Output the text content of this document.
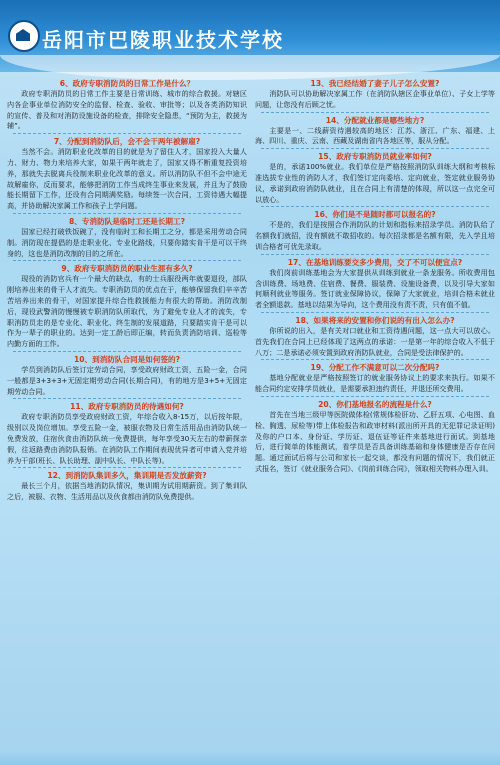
岳阳市巴陵职业技术学校
6、政府专职消防员的日常工作是什么？
政府专职消防员的日常工作主要是日常训练、城市的综合救援。对辖区内各企事业单位消防安全的监督、检查、验收、审批等；以及各类消防知识的宣传、普及和对消防设施设备的检查，排除安全隐患，“预防为主，救援为辅”。
7、分配到消防队后，会不会干两年被解雇?
当然不会。消防职业化改革的目的就是为了留住人才，国家投入大量人力、财力、物力来培养大家，如果干两年就走了，国家又得不断重复投资培养，那就失去脱离兵役制来职业化改革的意义。所以消防队不但不会中途无故解雇你，反而要求，能够把消防工作当成终生事业来发展，并且为了鼓励能长期留下工作，还设有合同期满奖励。每续签一次合同，工资待遇大幅提高，并协助解决家属工作和孩子上学问题。
8、专消防队是临时工还是长期工?
国家已经打破铁饭碗了，没有临时工和长期工之分，都是采用劳动合同制。消防现在提倡的是走职业化、专业化路线，只要你踏实肯干是可以干终身的，这也是消防改制的目的之所在。
9、政府专职消防员的职业生涯有多久?
现役的消防官兵有一个最大的缺点，有的士兵服役两年就要退役，部队刚培养出来的骨干人才流失。专职消防员的优点在于，能够保留我们辛辛苦苦培养出来的骨干，对国家提升综合性救援能力有很大的帮助。消防改制后，现役武警消防慢慢被专职消防队所取代，为了避免专业人才的流失，专职消防员走的是专业化、职业化、终生制的发展道路，只要踏实肯干是可以作为一辈子的职业的。达到一定工龄后即正编，转而负责消防培训、巡检等内勤方面的工作。
10、到消防队合同是如何签的?
学员到消防队后签订定劳动合同，享受政府财政工资，五险一金，合同一般都是3+3+3+无固定期劳动合同(长期合同)，有的地方是3+5+无固定期劳动合同。
11、政府专职消防员的待遇如何?
政府专职消防员享受政府财政工资，年综合收入8-15万，以后按年限，级别以及岗位增加。享受五险一金，被服衣物及日常生活用品由消防队统一免费发放，住宿伙食由消防队统一免费提供，每年享受30天左右的带薪探亲假，往返路费由消防队报销。在消防队工作期间表现优异者可申请入党并培养为干部(班长、队长助理、副中队长、中队长等)。
12、到消防队集训多久，集训期是否发放薪资?
最长三个月，依据当地消防队情况，集训期为试用期薪资。到了集训队之后，被服、衣物、生活用品以及伙食都由消防队免费提供。
13、我已经结婚了妻子儿子怎么安置?
消防队可以协助解决家属工作（在消防队辖区企事业单位）、子女上学等问题，让您没有后顾之忧。
14、分配就业都是哪些地方?
主要是一、二线薪资待遇较高的地区：江苏、浙江、广东、福建、上海、四川、重庆、云南、西藏及湖南省内各地区等，服从分配。
15、政府专职消防员就业率如何?
是的，承诺100%就业。我们单位是严格按照消防队训练大纲和考核标准选拔专业性的消防人才，我们签订定向委培、定向就业，签定就业服务协议，承诺到政府消防队就业，且在合同上有清楚的体现，所以这一点完全可以放心。
16、你们是不是随时都可以报名的?
不是的，我们是按照合作消防队的计划和指标来招录学员。消防队给了名额我们就招，没有额就不敢招收的。每次招录都是名额有限，先入学且培训合格者可优先录取。
17、在基地训练要交多少费用，交了不可以便宜点?
我们岗前训练基地会为大家提供从训练到就业一条龙服务。所收费用包含训练费、场地费、住宿费、餐费、服装费、设施设备费，以及引导大家如何顺利就业等服务。签订就业保障协议，保障了大家就业，培训合格未就业者全额退款。基地以结果为导向，这个费用没有责不责，只有值不值。
18、如果将来的安置和你们说的有出入怎么办?
你所说的出入，是有关对口就业和工资待遇问题，这一点大可以放心。首先我们在合同上已经体现了这两点的承诺：一是第一年的综合收入不低于八万；二是承诺必须安置到政府消防队就业，合同是受法律保护的。
19、分配工作不满意可以二次分配吗?
基地分配就业是严格按照签订的就业服务协议上的要求来执行。如果不能合同约定安排学员就业，是需要承担违约责任，并退还所交费用。
20、你们基地报名的流程是什么?
首先在当地三级甲等医院做体检(常规体检肝功、乙肝五项、心电图、血检、胸透、尿检等)带上体检报告和政审材料(派出所开具的无犯罪记录证明)及你的户口本、身份证、学历证、退伍证等证件来基地进行面试。到基地后，进行简单的体能测试，看学员是否具备训练基础和身体健康是否存在问题。通过面试后将与公司和家长一起交谈，都没有问题的情况下，我们就正式报名，签订《就业服务合同》、《岗前训练合同》，领取相关物料办理入训。
